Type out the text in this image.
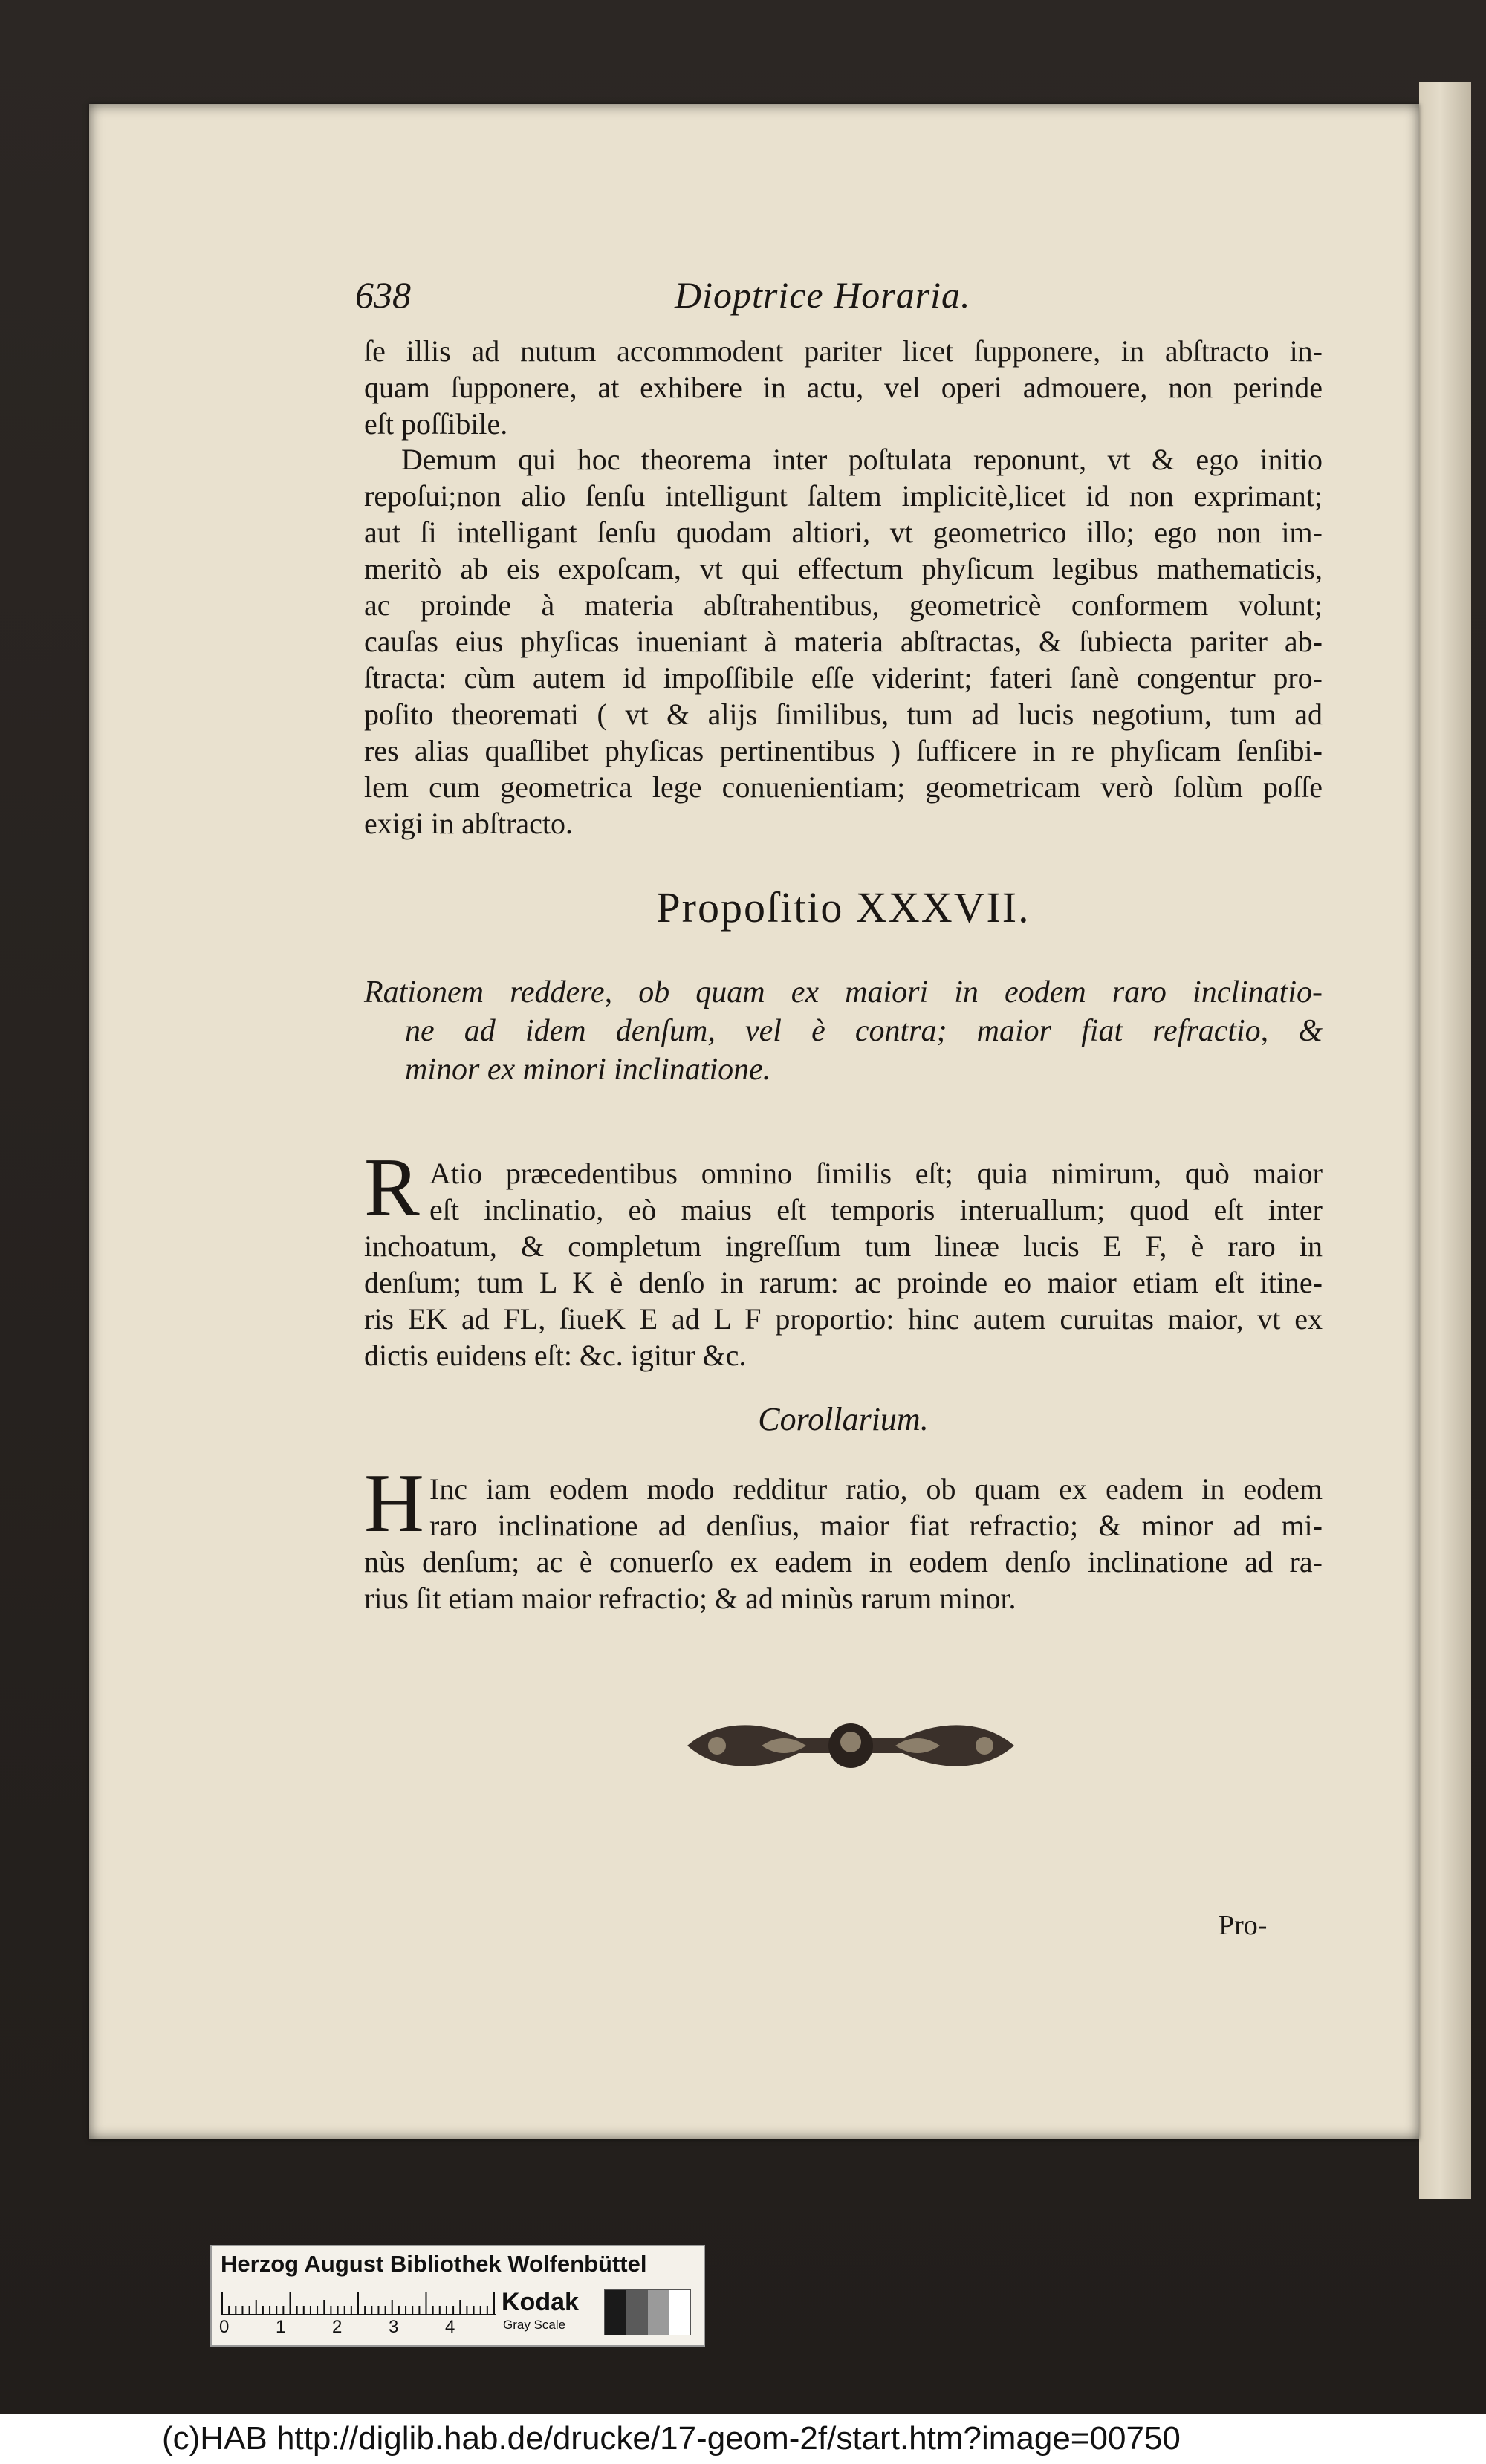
638	Dioptrice Horaria.
ſe illis ad nutum accommodent pariter licet ſupponere, in abſtracto in-
quam ſupponere, at exhibere in actu, vel operi admouere, non perinde
eſt poſſibile.
Demum qui hoc theorema inter poſtulata reponunt, vt & ego initio
repoſui;non alio ſenſu intelligunt ſaltem implicitè,licet id non exprimant;
aut ſi intelligant ſenſu quodam altiori, vt geometrico illo; ego non im-
meritò ab eis expoſcam, vt qui effectum phyſicum legibus mathematicis,
ac proinde à materia abſtrahentibus, geometricè conformem volunt;
cauſas eius phyſicas inueniant à materia abſtractas, & ſubiecta pariter ab-
ſtracta: cùm autem id impoſſibile eſſe viderint; fateri ſanè congentur pro-
poſito theoremati ( vt & alijs ſimilibus, tum ad lucis negotium, tum ad
res alias quaſlibet phyſicas pertinentibus ) ſufficere in re phyſicam ſenſibi-
lem cum geometrica lege conuenientiam; geometricam verò ſolùm poſſe
exigi in abſtracto.
Propoſitio XXXVII.
Rationem reddere, ob quam ex maiori in eodem raro inclinatio-
ne ad idem denſum, vel è contra; maior fiat refractio, &
minor ex minori inclinatione.
R Atio præcedentibus omnino ſimilis eſt; quia nimirum, quò maior
eſt inclinatio, eò maius eſt temporis interuallum; quod eſt inter
inchoatum, & completum ingreſſum tum lineæ lucis E F, è raro in
denſum; tum L K è denſo in rarum: ac proinde eo maior etiam eſt itine-
ris EK ad FL, ſiueK E ad L F proportio: hinc autem curuitas maior, vt ex
dictis euidens eſt: &c. igitur &c.
Corollarium.
H Inc iam eodem modo redditur ratio, ob quam ex eadem in eodem
raro inclinatione ad denſius, maior fiat refractio; & minor ad mi-
nùs denſum; ac è conuerſo ex eadem in eodem denſo inclinatione ad ra-
rius ſit etiam maior refractio; & ad minùs rarum minor.
Pro-
Herzog August Bibliothek Wolfenbüttel
0	1	2	3	4
Kodak
Gray Scale
(c)HAB http://diglib.hab.de/drucke/17-geom-2f/start.htm?image=00750
